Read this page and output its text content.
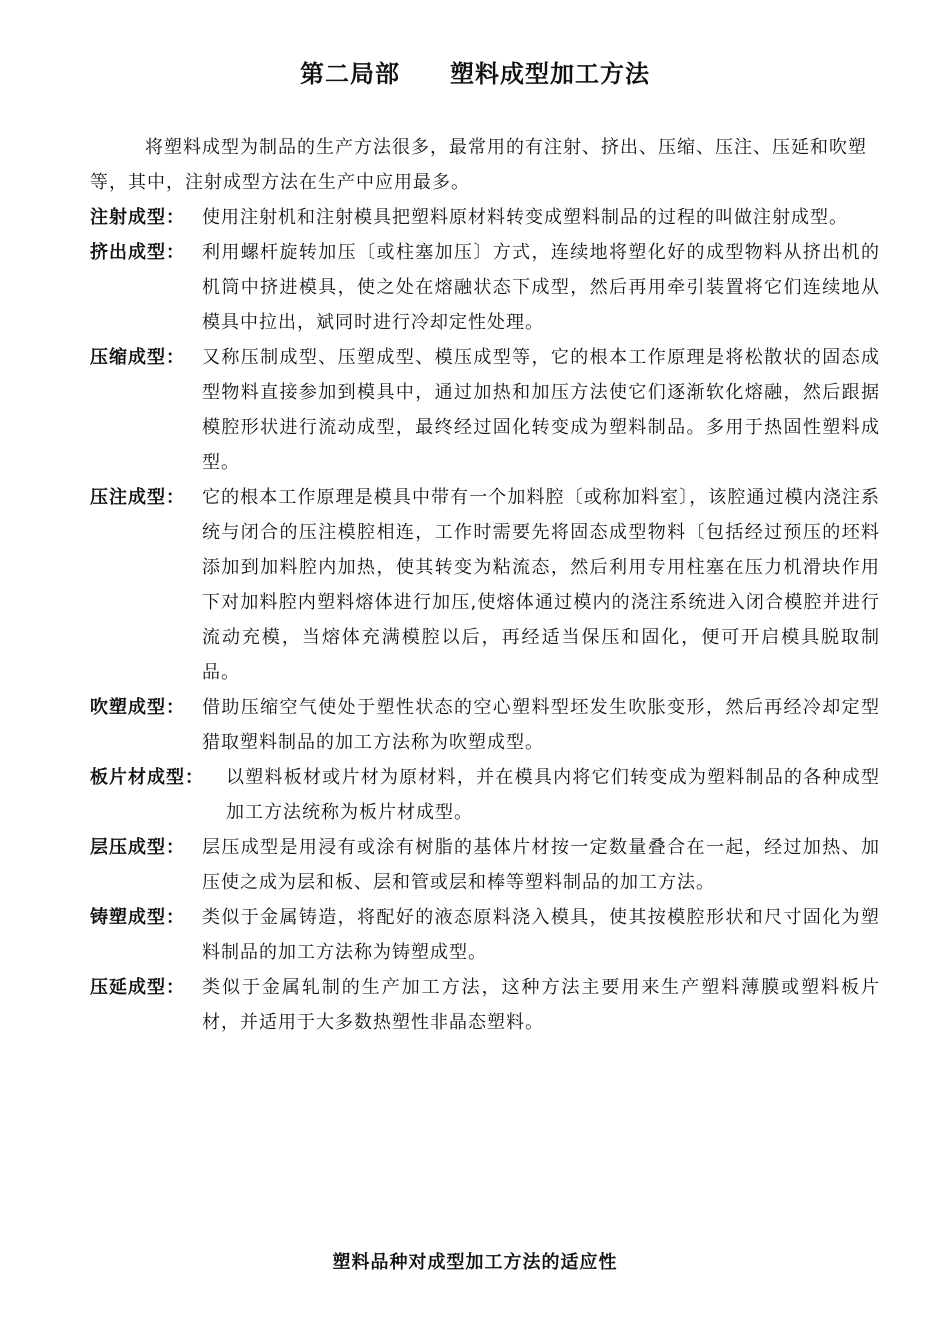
第二局部　　塑料成型加工方法

将塑料成型为制品的生产方法很多，最常用的有注射、挤出、压缩、压注、压延和吹塑等，其中，注射成型方法在生产中应用最多。

注射成型： 使用注射机和注射模具把塑料原材料转变成塑料制品的过程的叫做注射成型。

挤出成型： 利用螺杆旋转加压〔或柱塞加压〕方式，连续地将塑化好的成型物料从挤出机的机筒中挤进模具，使之处在熔融状态下成型，然后再用牵引装置将它们连续地从模具中拉出，斌同时进行冷却定性处理。

压缩成型： 又称压制成型、压塑成型、模压成型等，它的根本工作原理是将松散状的固态成型物料直接参加到模具中，通过加热和加压方法使它们逐渐软化熔融，然后跟据模腔形状进行流动成型，最终经过固化转变成为塑料制品。多用于热固性塑料成型。

压注成型： 它的根本工作原理是模具中带有一个加料腔〔或称加料室〕，该腔通过模内浇注系统与闭合的压注模腔相连，工作时需要先将固态成型物料〔包括经过预压的坯料添加到加料腔内加热，使其转变为粘流态，然后利用专用柱塞在压力机滑块作用下对加料腔内塑料熔体进行加压,使熔体通过模内的浇注系统进入闭合模腔并进行流动充模，当熔体充满模腔以后，再经适当保压和固化，便可开启模具脱取制品。

吹塑成型： 借助压缩空气使处于塑性状态的空心塑料型坯发生吹胀变形，然后再经冷却定型猎取塑料制品的加工方法称为吹塑成型。

板片材成型：	以塑料板材或片材为原材料，并在模具内将它们转变成为塑料制品的各种成型加工方法统称为板片材成型。

层压成型： 层压成型是用浸有或涂有树脂的基体片材按一定数量叠合在一起，经过加热、加压使之成为层和板、层和管或层和棒等塑料制品的加工方法。

铸塑成型： 类似于金属铸造，将配好的液态原料浇入模具，使其按模腔形状和尺寸固化为塑料制品的加工方法称为铸塑成型。

压延成型： 类似于金属轧制的生产加工方法，这种方法主要用来生产塑料薄膜或塑料板片材，并适用于大多数热塑性非晶态塑料。

塑料品种对成型加工方法的适应性
